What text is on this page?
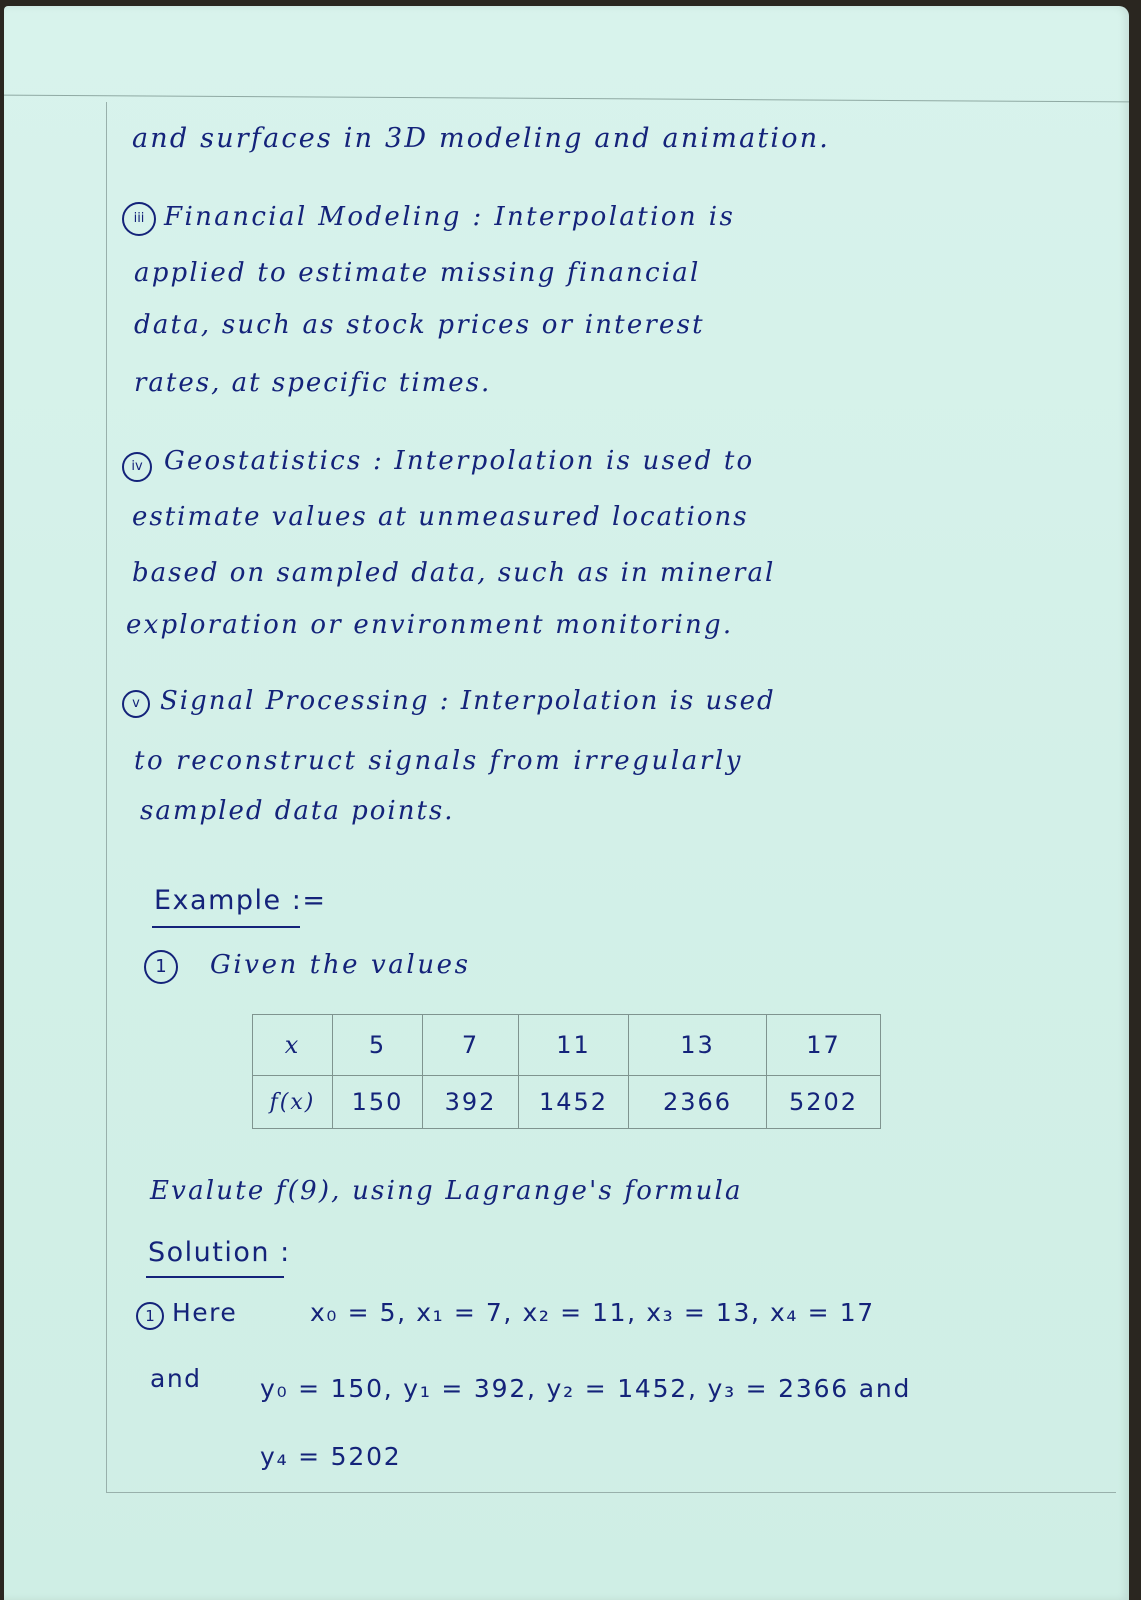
and surfaces in 3D modeling and animation.

iii Financial Modeling : Interpolation is

applied to estimate missing financial

data, such as stock prices or interest

rates, at specific times.

iv Geostatistics : Interpolation is used to

estimate values at unmeasured locations

based on sampled data, such as in mineral

exploration or environment monitoring.

v Signal Processing : Interpolation is used

to reconstruct signals from irregularly

sampled data points.

Example :=

1	Given the values

x	5	7	11	13	17
f(x)	150	392	1452	2366	5202

Evalute f(9), using Lagrange's formula

Solution :

1 Here	x₀ = 5, x₁ = 7, x₂ = 11, x₃ = 13, x₄ = 17

and y₀ = 150, y₁ = 392, y₂ = 1452, y₃ = 2366 and

y₄ = 5202
